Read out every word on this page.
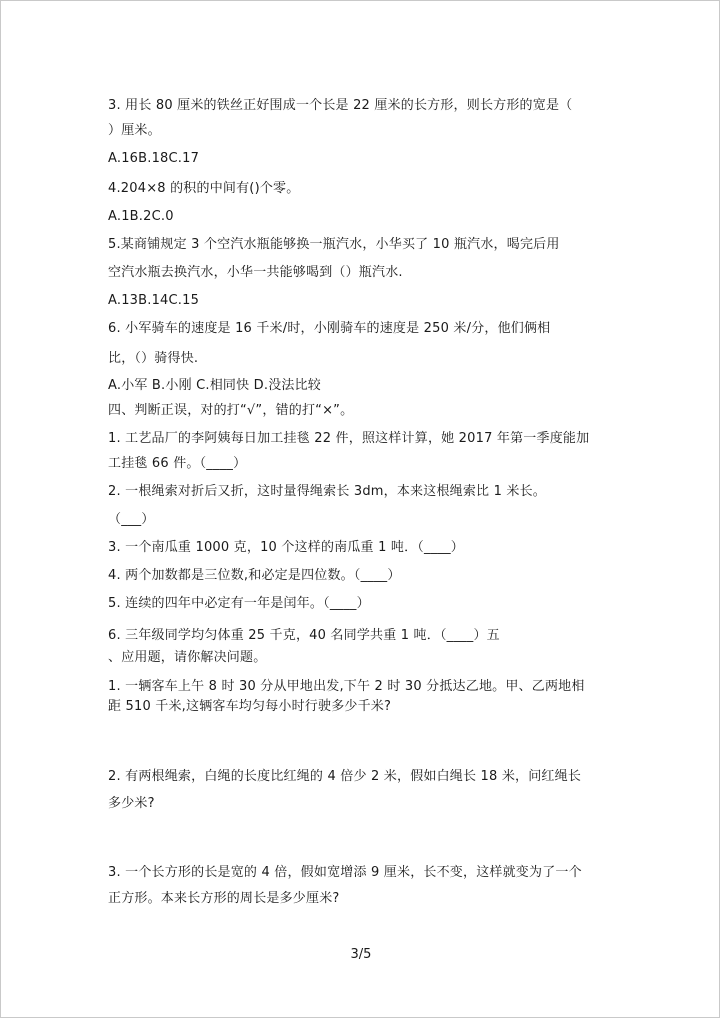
3. 用长 80 厘米的铁丝正好围成一个长是 22 厘米的长方形，则长方形的宽是（
）厘米。
A.16B.18C.17
4.204×8 的积的中间有()个零。
A.1B.2C.0
5.某商铺规定 3 个空汽水瓶能够换一瓶汽水，小华买了 10 瓶汽水，喝完后用
空汽水瓶去换汽水，小华一共能够喝到（）瓶汽水.
A.13B.14C.15
6. 小军骑车的速度是 16 千米/时，小刚骑车的速度是 250 米/分，他们俩相
比，（）骑得快.
A.小军 B.小刚 C.相同快 D.没法比较
四、判断正误，对的打“√”，错的打“×”。
1. 工艺品厂的李阿姨每日加工挂毯 22 件，照这样计算，她 2017 年第一季度能加
工挂毯 66 件。（____）
2. 一根绳索对折后又折，这时量得绳索长 3dm，本来这根绳索比 1 米长。
（___）
3. 一个南瓜重 1000 克，10 个这样的南瓜重 1 吨．（____）
4. 两个加数都是三位数,和必定是四位数。（____）
5. 连续的四年中必定有一年是闰年。（____）
6. 三年级同学均匀体重 25 千克，40 名同学共重 1 吨．（____）五
、应用题，请你解决问题。
1. 一辆客车上午 8 时 30 分从甲地出发,下午 2 时 30 分抵达乙地。甲、乙两地相
距 510 千米,这辆客车均匀每小时行驶多少千米?
2. 有两根绳索，白绳的长度比红绳的 4 倍少 2 米，假如白绳长 18 米，问红绳长
多少米?
3. 一个长方形的长是宽的 4 倍，假如宽增添 9 厘米，长不变，这样就变为了一个
正方形。本来长方形的周长是多少厘米?
3/5
